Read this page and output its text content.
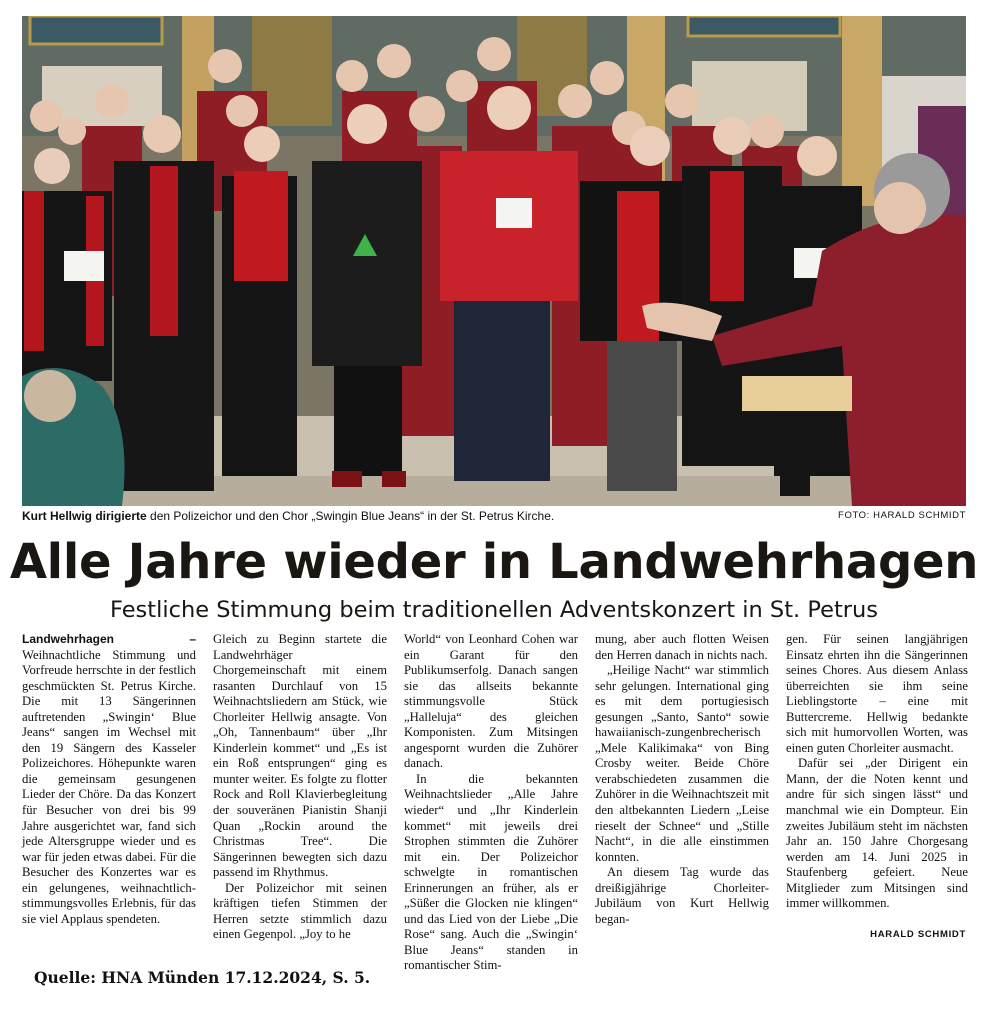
Kurt Hellwig dirigierte den Polizeichor und den Chor „Swingin Blue Jeans“ in der St. Petrus Kirche.	FOTO: HARALD SCHMIDT
Alle Jahre wieder in Landwehrhagen
Festliche Stimmung beim traditionellen Adventskonzert in St. Petrus

Landwehrhagen – Weihnachtliche Stimmung und Vorfreude herrschte in der festlich geschmückten St. Petrus Kirche. Die mit 13 Sängerinnen auftretenden „Swingin‘ Blue Jeans“ sangen im Wechsel mit den 19 Sängern des Kasseler Polizeichores. Höhepunkte waren die gemeinsam gesungenen Lieder der Chöre. Da das Konzert für Besucher von drei bis 99 Jahre ausgerichtet war, fand sich jede Altersgruppe wieder und es war für jeden etwas dabei. Für die Besucher des Konzertes war es ein gelungenes, weihnachtlich-stimmungsvolles Erlebnis, für das sie viel Applaus spendeten.

Gleich zu Beginn startete die Landwehrhäger Chorgemeinschaft mit einem rasanten Durchlauf von 15 Weihnachtsliedern am Stück, wie Chorleiter Hellwig ansagte. Von „Oh, Tannenbaum“ über „Ihr Kinderlein kommet“ und „Es ist ein Roß entsprungen“ ging es munter weiter. Es folgte zu flotter Rock and Roll Klavierbegleitung der souveränen Pianistin Shanji Quan „Rockin around the Christmas Tree“. Die Sängerinnen bewegten sich dazu passend im Rhythmus.

Der Polizeichor mit seinen kräftigen tiefen Stimmen der Herren setzte stimmlich dazu einen Gegenpol. „Joy to he

World“ von Leonhard Cohen war ein Garant für den Publikumserfolg. Danach sangen sie das allseits bekannte stimmungsvolle Stück „Halleluja“ des gleichen Komponisten. Zum Mitsingen angespornt wurden die Zuhörer danach.

In die bekannten Weihnachtslieder „Alle Jahre wieder“ und „Ihr Kinderlein kommet“ mit jeweils drei Strophen stimmten die Zuhörer mit ein. Der Polizeichor schwelgte in romantischen Erinnerungen an früher, als er „Süßer die Glocken nie klingen“ und das Lied von der Liebe „Die Rose“ sang. Auch die „Swingin‘ Blue Jeans“ standen in romantischer Stim-

mung, aber auch flotten Weisen den Herren danach in nichts nach.

„Heilige Nacht“ war stimmlich sehr gelungen. International ging es mit dem portugiesisch gesungen „Santo, Santo“ sowie hawaiianisch-zungenbrecherisch „Mele Kalikimaka“ von Bing Crosby weiter. Beide Chöre verabschiedeten zusammen die Zuhörer in die Weihnachtszeit mit den altbekannten Liedern „Leise rieselt der Schnee“ und „Stille Nacht“, in die alle einstimmen konnten.

An diesem Tag wurde das dreißigjährige Chorleiter-Jubiläum von Kurt Hellwig began-

gen. Für seinen langjährigen Einsatz ehrten ihn die Sängerinnen seines Chores. Aus diesem Anlass überreichten sie ihm seine Lieblingstorte – eine mit Buttercreme. Hellwig bedankte sich mit humorvollen Worten, was einen guten Chorleiter ausmacht.

Dafür sei „der Dirigent ein Mann, der die Noten kennt und andre für sich singen lässt“ und manchmal wie ein Dompteur. Ein zweites Jubiläum steht im nächsten Jahr an. 150 Jahre Chorgesang werden am 14. Juni 2025 in Staufenberg gefeiert. Neue Mitglieder zum Mitsingen sind immer willkommen.

HARALD SCHMIDT
Quelle: HNA Münden 17.12.2024, S. 5.
